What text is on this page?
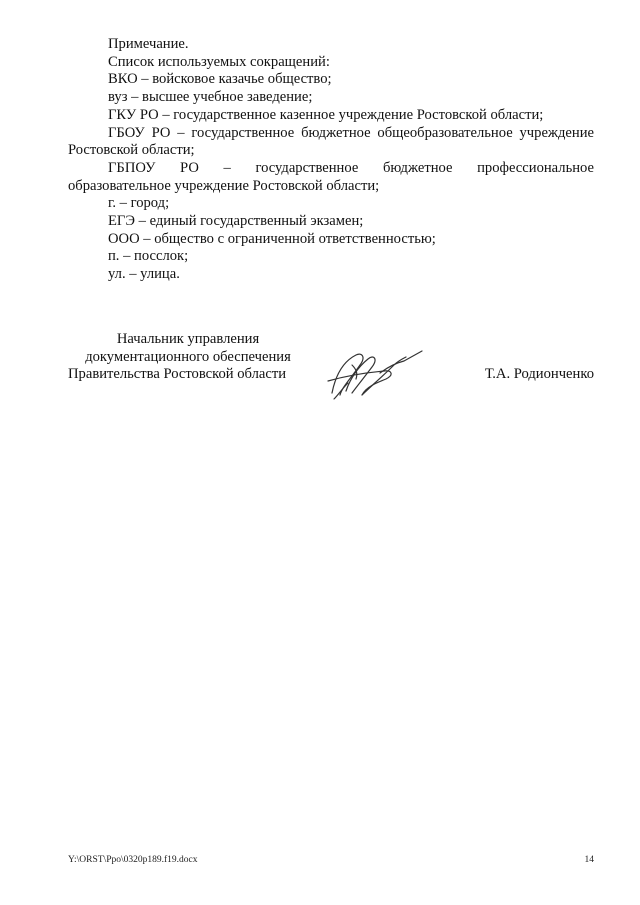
Примечание.

Список используемых сокращений:

ВКО – войсковое казачье общество;

вуз – высшее учебное заведение;

ГКУ РО – государственное казенное учреждение Ростовской области;

ГБОУ РО – государственное бюджетное общеобразовательное учреждение Ростовской области;

ГБПОУ РО – государственное бюджетное профессиональное образовательное учреждение Ростовской области;

г. – город;

ЕГЭ – единый государственный экзамен;

ООО – общество с ограниченной ответственностью;

п. – посслок;

ул. – улица.

Начальник управления
документационного обеспечения
Правительства Ростовской области	Т.А. Родионченко
Y:\ORST\Ppo\0320p189.f19.docx	14
